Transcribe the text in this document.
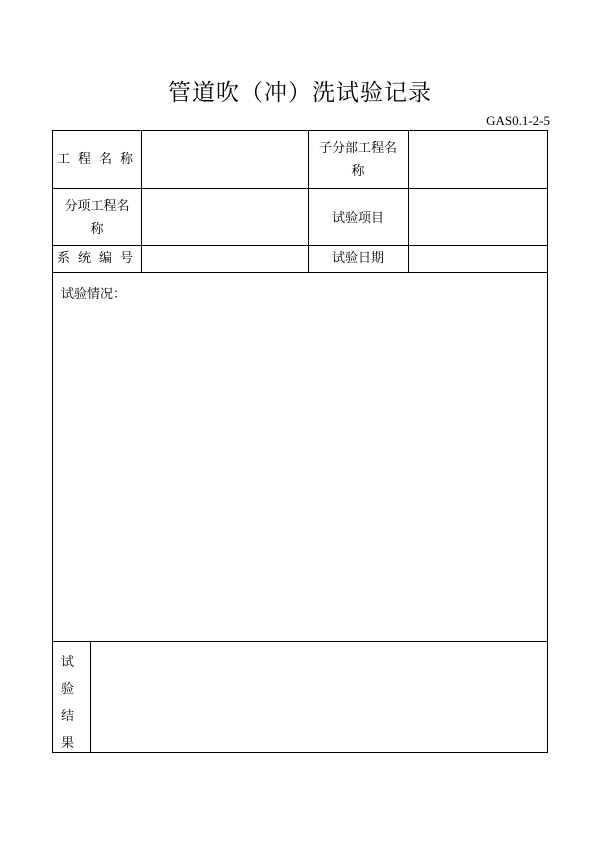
管道吹（冲）洗试验记录
GAS0.1-2-5
工程名称
子分部工程名
称
分项工程名
称
试验项目
系统编号	试验日期
试验情况：
试
验
结
果
